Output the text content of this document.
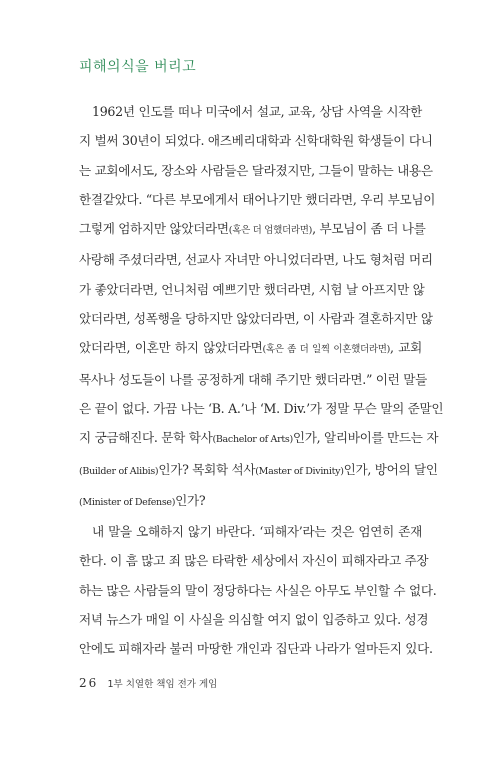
피해의식을 버리고
1962년 인도를 떠나 미국에서 설교, 교육, 상담 사역을 시작한
지 벌써 30년이 되었다. 애즈베리대학과 신학대학원 학생들이 다니
는 교회에서도, 장소와 사람들은 달라졌지만, 그들이 말하는 내용은
한결같았다. “다른 부모에게서 태어나기만 했더라면, 우리 부모님이
그렇게 엄하지만 않았더라면(혹은 더 엄했더라면), 부모님이 좀 더 나를
사랑해 주셨더라면, 선교사 자녀만 아니었더라면, 나도 형처럼 머리
가 좋았더라면, 언니처럼 예쁘기만 했더라면, 시험 날 아프지만 않
았더라면, 성폭행을 당하지만 않았더라면, 이 사람과 결혼하지만 않
았더라면, 이혼만 하지 않았더라면(혹은 좀 더 일찍 이혼했더라면), 교회
목사나 성도들이 나를 공정하게 대해 주기만 했더라면.” 이런 말들
은 끝이 없다. 가끔 나는 ‘B. A.’나 ‘M. Div.’가 정말 무슨 말의 준말인
지 궁금해진다. 문학 학사(Bachelor of Arts)인가, 알리바이를 만드는 자
(Builder of Alibis)인가? 목회학 석사(Master of Divinity)인가, 방어의 달인
(Minister of Defense)인가?
내 말을 오해하지 않기 바란다. ‘피해자’라는 것은 엄연히 존재
한다. 이 흠 많고 죄 많은 타락한 세상에서 자신이 피해자라고 주장
하는 많은 사람들의 말이 정당하다는 사실은 아무도 부인할 수 없다.
저녁 뉴스가 매일 이 사실을 의심할 여지 없이 입증하고 있다. 성경
안에도 피해자라 불러 마땅한 개인과 집단과 나라가 얼마든지 있다.
26 1부 치열한 책임 전가 게임
